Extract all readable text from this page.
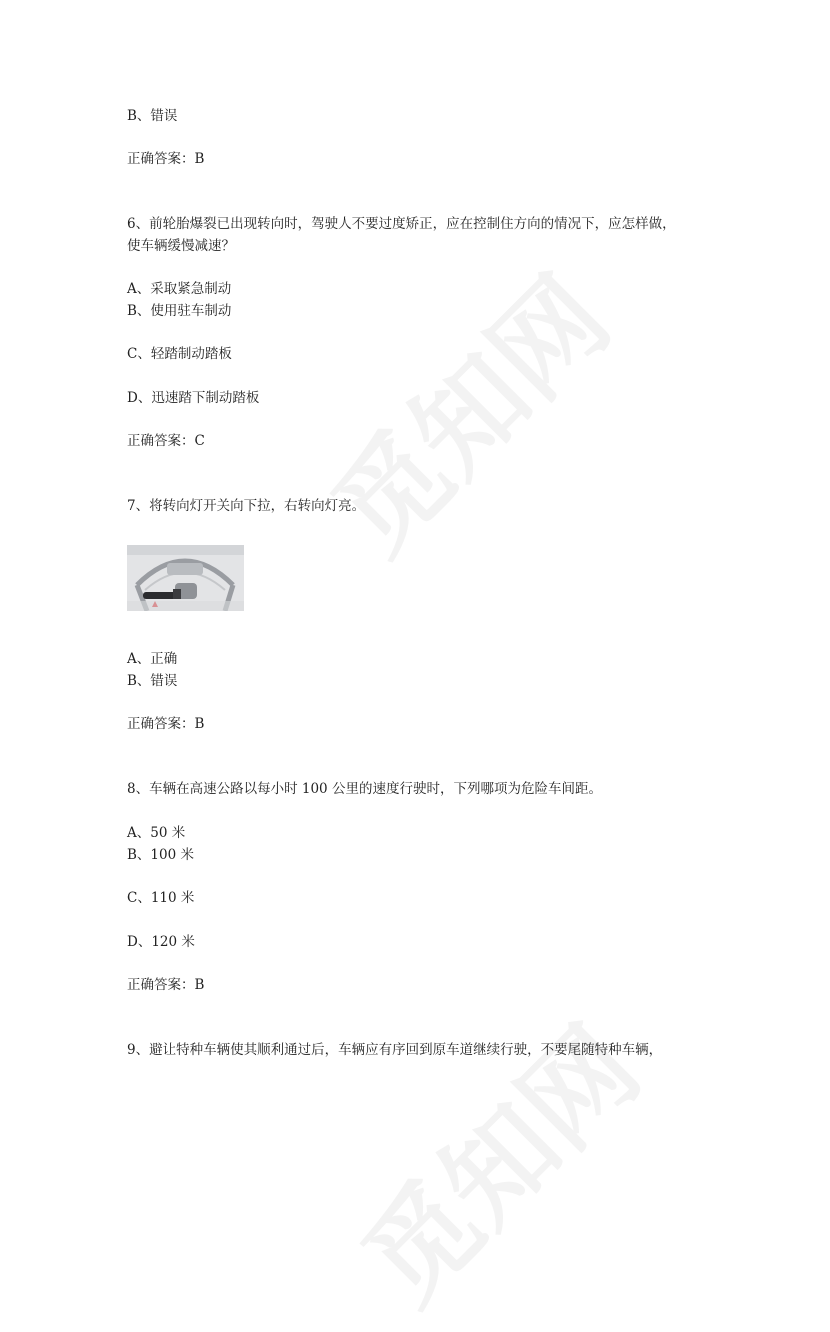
B、错误
正确答案：B
6、前轮胎爆裂已出现转向时，驾驶人不要过度矫正，应在控制住方向的情况下，应怎样做，
使车辆缓慢减速？
A、采取紧急制动
B、使用驻车制动
C、轻踏制动踏板
D、迅速踏下制动踏板
正确答案：C
7、将转向灯开关向下拉，右转向灯亮。
A、正确
B、错误
正确答案：B
8、车辆在高速公路以每小时 100 公里的速度行驶时，下列哪项为危险车间距。
A、50 米
B、100 米
C、110 米
D、120 米
正确答案：B
9、避让特种车辆使其顺利通过后，车辆应有序回到原车道继续行驶，不要尾随特种车辆，
